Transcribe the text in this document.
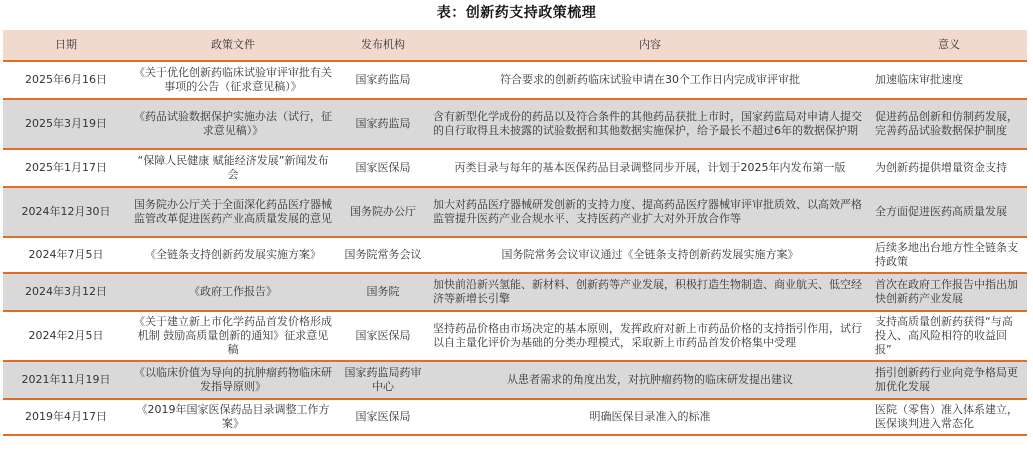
表：创新药支持政策梳理
日期	政策文件	发布机构	内容	意义
2025年6月16日	《关于优化创新药临床试验审评审批有关事项的公告（征求意见稿）》	国家药监局	符合要求的创新药临床试验申请在30个工作日内完成审评审批	加速临床审批速度
2025年3月19日	《药品试验数据保护实施办法（试行，征求意见稿）》	国家药监局	含有新型化学成份的药品以及符合条件的其他药品获批上市时，国家药监局对申请人提交的自行取得且未披露的试验数据和其他数据实施保护，给予最长不超过6年的数据保护期	促进药品创新和仿制药发展，完善药品试验数据保护制度
2025年1月17日	“保障人民健康 赋能经济发展”新闻发布会	国家医保局	丙类目录与每年的基本医保药品目录调整同步开展，计划于2025年内发布第一版	为创新药提供增量资金支持
2024年12月30日	国务院办公厅关于全面深化药品医疗器械监管改革促进医药产业高质量发展的意见	国务院办公厅	加大对药品医疗器械研发创新的支持力度、提高药品医疗器械审评审批质效、以高效严格监管提升医药产业合规水平、支持医药产业扩大对外开放合作等	全方面促进医药高质量发展
2024年7月5日	《全链条支持创新药发展实施方案》	国务院常务会议	国务院常务会议审议通过《全链条支持创新药发展实施方案》	后续多地出台地方性全链条支持政策
2024年3月12日	《政府工作报告》	国务院	加快前沿新兴氢能、新材料、创新药等产业发展，积极打造生物制造、商业航天、低空经济等新增长引擎	首次在政府工作报告中指出加快创新药产业发展
2024年2月5日	《关于建立新上市化学药品首发价格形成机制 鼓励高质量创新的通知》征求意见稿	国家医保局	坚持药品价格由市场决定的基本原则，发挥政府对新上市药品价格的支持指引作用，试行以自主量化评价为基础的分类办理模式，采取新上市药品首发价格集中受理	支持高质量创新药获得“与高投入、高风险相符的收益回报”
2021年11月19日	《以临床价值为导向的抗肿瘤药物临床研发指导原则》	国家药监局药审中心	从患者需求的角度出发，对抗肿瘤药物的临床研发提出建议	指引创新药行业向竞争格局更加优化发展
2019年4月17日	《2019年国家医保药品目录调整工作方案》	国家医保局	明确医保目录准入的标准	医院（零售）准入体系建立，医保谈判进入常态化
